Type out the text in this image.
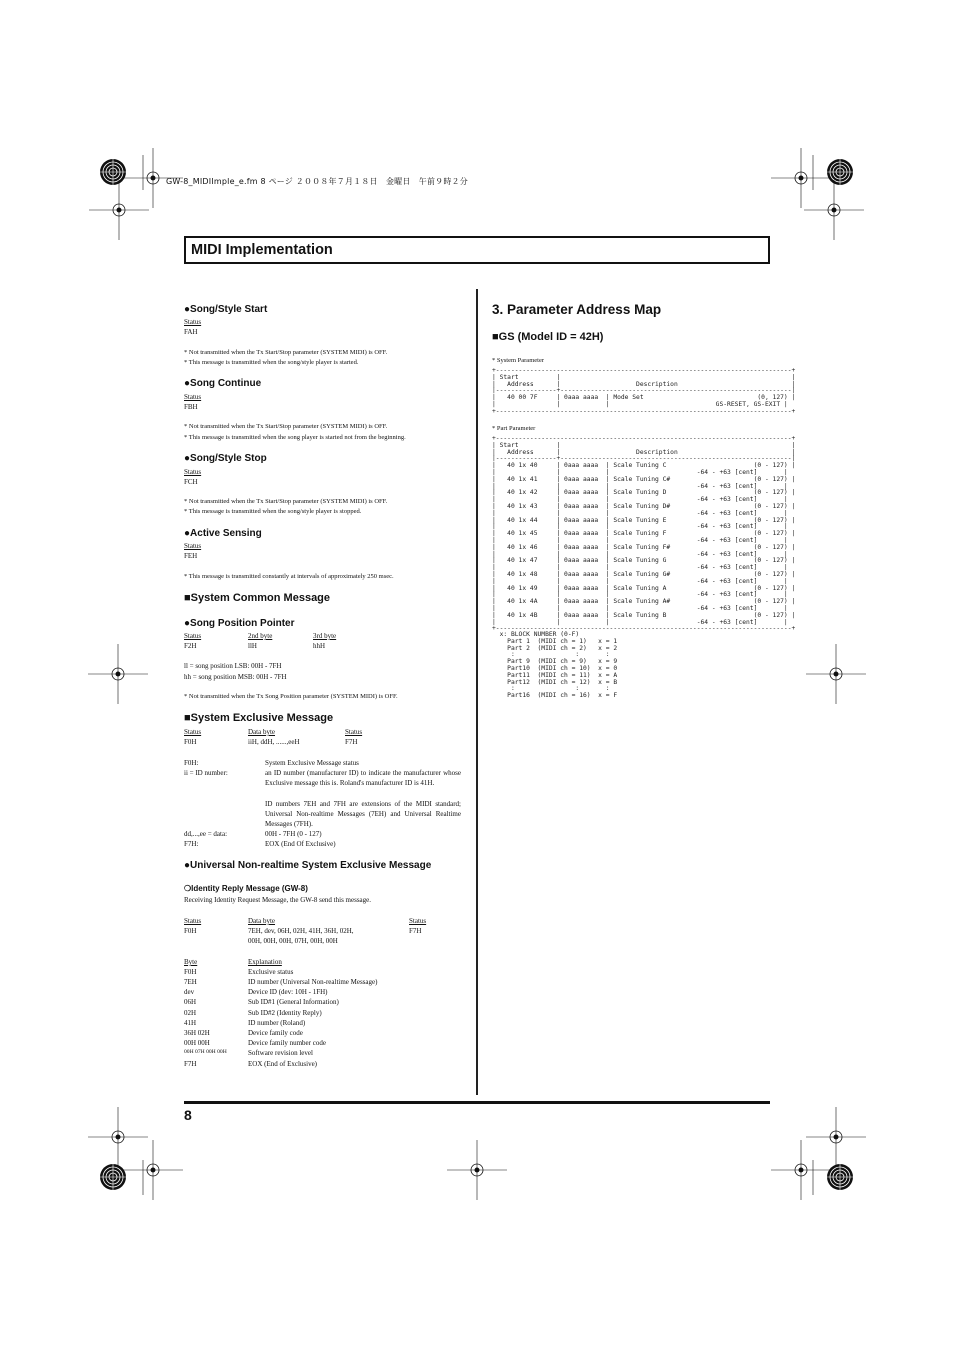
GW-8_MIDIImple_e.fm 8 ページ ２００８年７月１８日　金曜日　午前９時２分
MIDI Implementation
●Song/Style Start
Status
FAH
* Not transmitted when the Tx Start/Stop parameter (SYSTEM MIDI) is OFF.
* This message is transmitted when the song/style player is started.
●Song Continue
Status
FBH
* Not transmitted when the Tx Start/Stop parameter (SYSTEM MIDI) is OFF.
* This message is transmitted when the song player is started not from the beginning.
●Song/Style Stop
Status
FCH
* Not transmitted when the Tx Start/Stop parameter (SYSTEM MIDI) is OFF.
* This message is transmitted when the song/style player is stopped.
●Active Sensing
Status
FEH
* This message is transmitted constantly at intervals of approximately 250 msec.
■System Common Message
●Song Position Pointer
Status	2nd byte	3rd byte
F2H	llH	hhH
ll = song position LSB: 00H - 7FH
hh = song position MSB: 00H - 7FH
* Not transmitted when the Tx Song Position parameter (SYSTEM MIDI) is OFF.
■System Exclusive Message
Status	Data byte	Status
F0H	iiH, ddH, ......,eeH	F7H
F0H:	System Exclusive Message status
ii = ID number:	an ID number (manufacturer ID) to indicate the manufacturer whose Exclusive message this is. Roland's manufacturer ID is 41H.
ID numbers 7EH and 7FH are extensions of the MIDI standard; Universal Non-realtime Messages (7EH) and Universal Realtime Messages (7FH).
dd,...,ee = data:	00H - 7FH (0 - 127)
F7H:	EOX (End Of Exclusive)
●Universal Non-realtime System Exclusive Message
❍Identity Reply Message (GW-8)
Receiving Identity Request Message, the GW-8 send this message.
Status	Data byte	Status
F0H	7EH, dev, 06H, 02H, 41H, 36H, 02H,
00H, 00H, 00H, 07H, 00H, 00H
F7H
Byte	Explanation
F0H	Exclusive status
7EH	ID number (Universal Non-realtime Message)
dev	Device ID (dev: 10H - 1FH)
06H	Sub ID#1 (General Information)
02H	Sub ID#2 (Identity Reply)
41H	ID number (Roland)
36H 02H	Device family code
00H 00H	Device family number code
00H 07H 00H 00H	Software revision level
F7H	EOX (End of Exclusive)
3. Parameter Address Map
■GS (Model ID = 42H)
* System Parameter
+------------------------------------------------------------------------------+
| Start          |                                                             |
|   Address      |                    Description                              |
|----------------+-------------------------------------------------------------|
|   40 00 7F     | 0aaa aaaa  | Mode Set                              (0, 127) |
|                |            |                            GS-RESET, GS-EXIT |
+------------------------------------------------------------------------------+
* Part Parameter
+------------------------------------------------------------------------------+
| Start          |                                                             |
|   Address      |                    Description                              |
|----------------+-------------------------------------------------------------|
|   40 1x 40     | 0aaa aaaa  | Scale Tuning C                       (0 - 127) |
|                |            |                       -64 - +63 [cent]       |
|   40 1x 41     | 0aaa aaaa  | Scale Tuning C#                      (0 - 127) |
|                |            |                       -64 - +63 [cent]       |
|   40 1x 42     | 0aaa aaaa  | Scale Tuning D                       (0 - 127) |
|                |            |                       -64 - +63 [cent]       |
|   40 1x 43     | 0aaa aaaa  | Scale Tuning D#                      (0 - 127) |
|                |            |                       -64 - +63 [cent]       |
|   40 1x 44     | 0aaa aaaa  | Scale Tuning E                       (0 - 127) |
|                |            |                       -64 - +63 [cent]       |
|   40 1x 45     | 0aaa aaaa  | Scale Tuning F                       (0 - 127) |
|                |            |                       -64 - +63 [cent]       |
|   40 1x 46     | 0aaa aaaa  | Scale Tuning F#                      (0 - 127) |
|                |            |                       -64 - +63 [cent]       |
|   40 1x 47     | 0aaa aaaa  | Scale Tuning G                       (0 - 127) |
|                |            |                       -64 - +63 [cent]       |
|   40 1x 48     | 0aaa aaaa  | Scale Tuning G#                      (0 - 127) |
|                |            |                       -64 - +63 [cent]       |
|   40 1x 49     | 0aaa aaaa  | Scale Tuning A                       (0 - 127) |
|                |            |                       -64 - +63 [cent]       |
|   40 1x 4A     | 0aaa aaaa  | Scale Tuning A#                      (0 - 127) |
|                |            |                       -64 - +63 [cent]       |
|   40 1x 4B     | 0aaa aaaa  | Scale Tuning B                       (0 - 127) |
|                |            |                       -64 - +63 [cent]       |
+------------------------------------------------------------------------------+
x: BLOCK NUMBER (0-F)
Part 1  (MIDI ch = 1)   x = 1
Part 2  (MIDI ch = 2)   x = 2
:                :       :
Part 9  (MIDI ch = 9)   x = 9
Part10  (MIDI ch = 10)  x = 0
Part11  (MIDI ch = 11)  x = A
Part12  (MIDI ch = 12)  x = B
:                :       :
Part16  (MIDI ch = 16)  x = F
8
